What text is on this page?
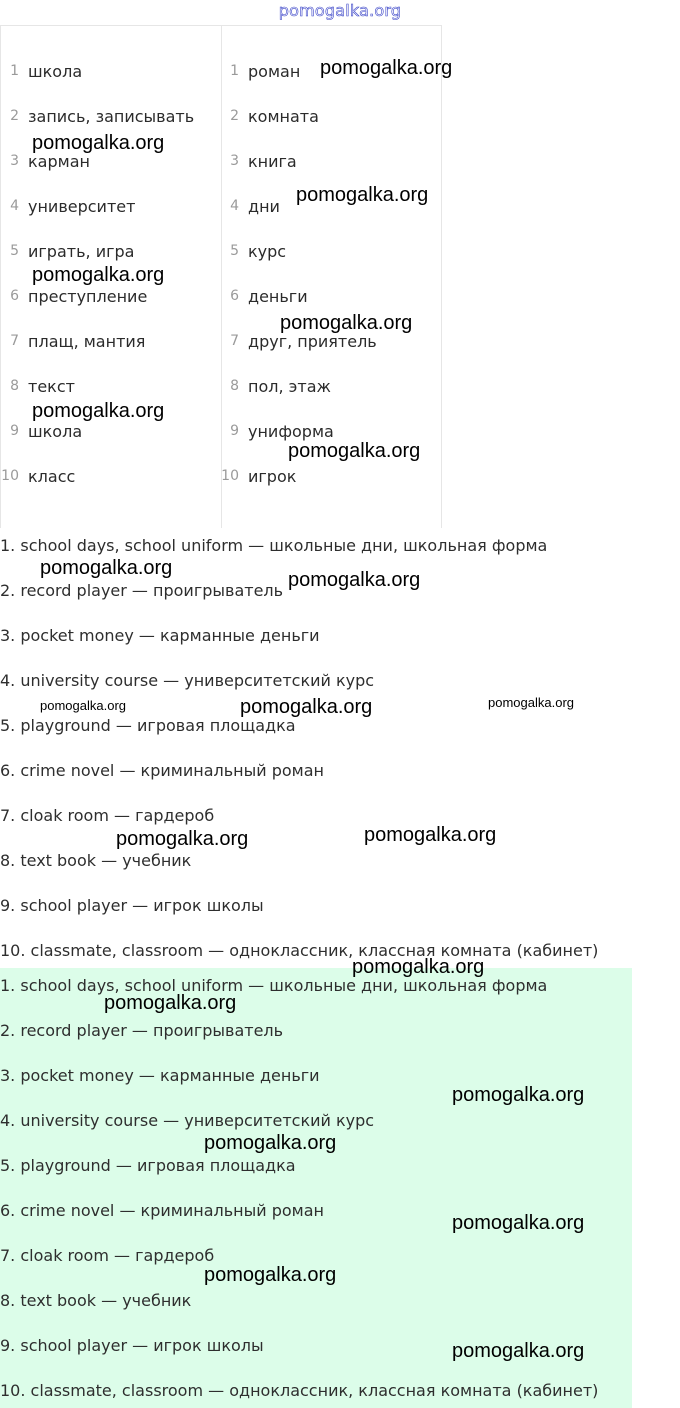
pomogalka.org
1 школа
2 запись, записывать
3 карман
4 университет
5 играть, игра
6 преступление
7 плащ, мантия
8 текст
9 школа
10 класс
1 роман
2 комната
3 книга
4 дни
5 курс
6 деньги
7 друг, приятель
8 пол, этаж
9 униформа
10 игрок
1. school days, school uniform — школьные дни, школьная форма
2. record player — проигрыватель
3. pocket money — карманные деньги
4. university course — университетский курс
5. playground — игровая площадка
6. crime novel — криминальный роман
7. cloak room — гардероб
8. text book — учебник
9. school player — игрок школы
10. classmate, classroom — одноклассник, классная комната (кабинет)
1. school days, school uniform — школьные дни, школьная форма
2. record player — проигрыватель
3. pocket money — карманные деньги
4. university course — университетский курс
5. playground — игровая площадка
6. crime novel — криминальный роман
7. cloak room — гардероб
8. text book — учебник
9. school player — игрок школы
10. classmate, classroom — одноклассник, классная комната (кабинет)
pomogalka.org
pomogalka.org
pomogalka.org
pomogalka.org
pomogalka.org
pomogalka.org
pomogalka.org
pomogalka.org
pomogalka.org
pomogalka.org	pomogalka.org	pomogalka.org
pomogalka.org	pomogalka.org
pomogalka.org
pomogalka.org
pomogalka.org
pomogalka.org
pomogalka.org
pomogalka.org
pomogalka.org
